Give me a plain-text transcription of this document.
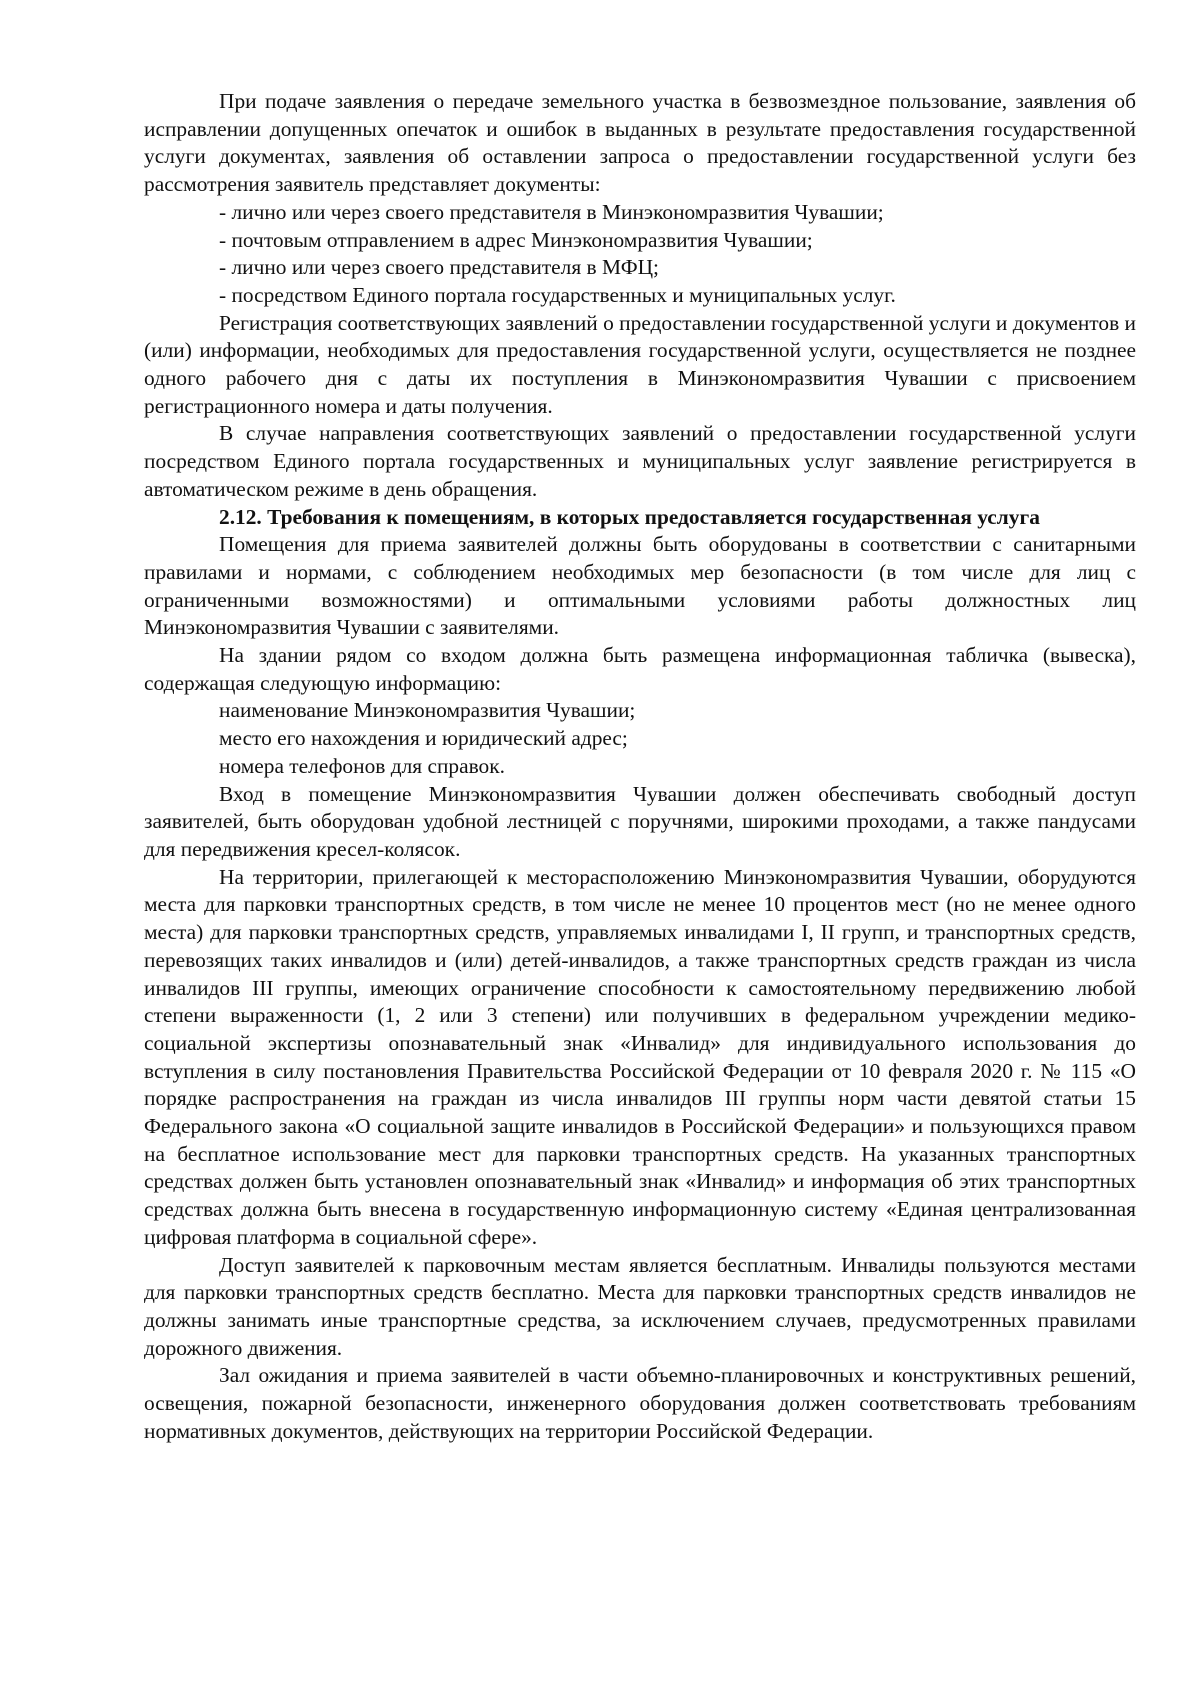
При подаче заявления о передаче земельного участка в безвозмездное пользование, заявления об исправлении допущенных опечаток и ошибок в выданных в результате предоставления государственной услуги документах, заявления об оставлении запроса о предоставлении государственной услуги без рассмотрения заявитель представляет документы:

- лично или через своего представителя в Минэкономразвития Чувашии;

- почтовым отправлением в адрес Минэкономразвития Чувашии;

- лично или через своего представителя в МФЦ;

- посредством Единого портала государственных и муниципальных услуг.

Регистрация соответствующих заявлений о предоставлении государственной услуги и документов и (или) информации, необходимых для предоставления государственной услуги, осуществляется не позднее одного рабочего дня с даты их поступления в Минэкономразвития Чувашии с присвоением регистрационного номера и даты получения.

В случае направления соответствующих заявлений о предоставлении государственной услуги посредством Единого портала государственных и муниципальных услуг заявление регистрируется в автоматическом режиме в день обращения.

2.12. Требования к помещениям, в которых предоставляется государственная услуга

Помещения для приема заявителей должны быть оборудованы в соответствии с санитарными правилами и нормами, с соблюдением необходимых мер безопасности (в том числе для лиц с ограниченными возможностями) и оптимальными условиями работы должностных лиц Минэкономразвития Чувашии с заявителями.

На здании рядом со входом должна быть размещена информационная табличка (вывеска), содержащая следующую информацию:

наименование Минэкономразвития Чувашии;

место его нахождения и юридический адрес;

номера телефонов для справок.

Вход в помещение Минэкономразвития Чувашии должен обеспечивать свободный доступ заявителей, быть оборудован удобной лестницей с поручнями, широкими проходами, а также пандусами для передвижения кресел-колясок.

На территории, прилегающей к месторасположению Минэкономразвития Чувашии, оборудуются места для парковки транспортных средств, в том числе не менее 10 процентов мест (но не менее одного места) для парковки транспортных средств, управляемых инвалидами I, II групп, и транспортных средств, перевозящих таких инвалидов и (или) детей-инвалидов, а также транспортных средств граждан из числа инвалидов III группы, имеющих ограничение способности к самостоятельному передвижению любой степени выраженности (1, 2 или 3 степени) или получивших в федеральном учреждении медико-социальной экспертизы опознавательный знак «Инвалид» для индивидуального использования до вступления в силу постановления Правительства Российской Федерации от 10 февраля 2020 г. № 115 «О порядке распространения на граждан из числа инвалидов III группы норм части девятой статьи 15 Федерального закона «О социальной защите инвалидов в Российской Федерации» и пользующихся правом на бесплатное использование мест для парковки транспортных средств. На указанных транспортных средствах должен быть установлен опознавательный знак «Инвалид» и информация об этих транспортных средствах должна быть внесена в государственную информационную систему «Единая централизованная цифровая платформа в социальной сфере».

Доступ заявителей к парковочным местам является бесплатным. Инвалиды пользуются местами для парковки транспортных средств бесплатно. Места для парковки транспортных средств инвалидов не должны занимать иные транспортные средства, за исключением случаев, предусмотренных правилами дорожного движения.

Зал ожидания и приема заявителей в части объемно-планировочных и конструктивных решений, освещения, пожарной безопасности, инженерного оборудования должен соответствовать требованиям нормативных документов, действующих на территории Российской Федерации.
